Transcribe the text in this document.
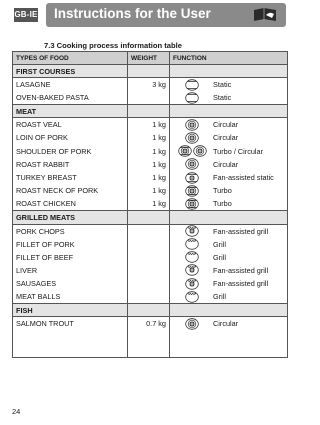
GB-IE Instructions for the User
7.3 Cooking process information table
TYPES OF FOOD	WEIGHT	FUNCTION
FIRST COURSES		
LASAGNE	3 kg	Static

OVEN-BAKED PASTA		Static

MEAT		
ROAST VEAL	1 kg	Circular

LOIN OF PORK	1 kg	Circular

SHOULDER OF PORK	1 kg	Turbo / Circular

ROAST RABBIT	1 kg	Circular

TURKEY BREAST	1 kg	Fan-assisted static

ROAST NECK OF PORK	1 kg	Turbo

ROAST CHICKEN	1 kg	Turbo

GRILLED MEATS		
PORK CHOPS		Fan-assisted grill

FILLET OF PORK		Grill

FILLET OF BEEF		Grill

LIVER		Fan-assisted grill

SAUSAGES		Fan-assisted grill

MEAT BALLS		Grill

FISH		
SALMON TROUT	0.7 kg	Circular

24
